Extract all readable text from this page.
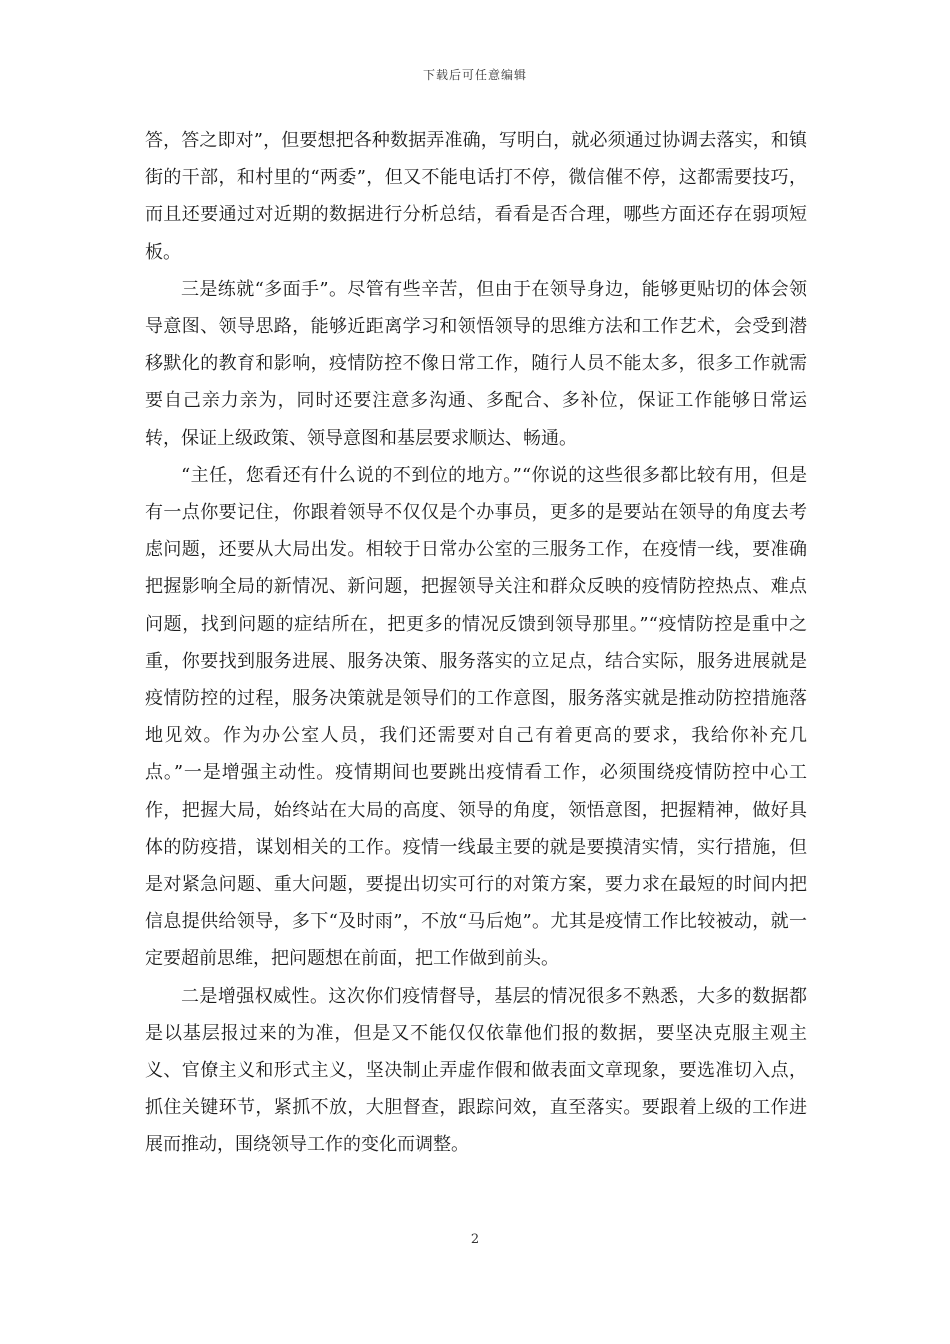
下载后可任意编辑

答，答之即对”，但要想把各种数据弄准确，写明白，就必须通过协调去落实，和镇街的干部，和村里的“两委”，但又不能电话打不停，微信催不停，这都需要技巧，而且还要通过对近期的数据进行分析总结，看看是否合理，哪些方面还存在弱项短板。

三是练就“多面手”。尽管有些辛苦，但由于在领导身边，能够更贴切的体会领导意图、领导思路，能够近距离学习和领悟领导的思维方法和工作艺术，会受到潜移默化的教育和影响，疫情防控不像日常工作，随行人员不能太多，很多工作就需要自己亲力亲为，同时还要注意多沟通、多配合、多补位，保证工作能够日常运转，保证上级政策、领导意图和基层要求顺达、畅通。

“主任，您看还有什么说的不到位的地方。”“你说的这些很多都比较有用，但是有一点你要记住，你跟着领导不仅仅是个办事员，更多的是要站在领导的角度去考虑问题，还要从大局出发。相较于日常办公室的三服务工作，在疫情一线，要准确把握影响全局的新情况、新问题，把握领导关注和群众反映的疫情防控热点、难点问题，找到问题的症结所在，把更多的情况反馈到领导那里。”“疫情防控是重中之重，你要找到服务进展、服务决策、服务落实的立足点，结合实际，服务进展就是疫情防控的过程，服务决策就是领导们的工作意图，服务落实就是推动防控措施落地见效。作为办公室人员，我们还需要对自己有着更高的要求，我给你补充几点。”一是增强主动性。疫情期间也要跳出疫情看工作，必须围绕疫情防控中心工作，把握大局，始终站在大局的高度、领导的角度，领悟意图，把握精神，做好具体的防疫措，谋划相关的工作。疫情一线最主要的就是要摸清实情，实行措施，但是对紧急问题、重大问题，要提出切实可行的对策方案，要力求在最短的时间内把信息提供给领导，多下“及时雨”，不放“马后炮”。尤其是疫情工作比较被动，就一定要超前思维，把问题想在前面，把工作做到前头。

二是增强权威性。这次你们疫情督导，基层的情况很多不熟悉，大多的数据都是以基层报过来的为准，但是又不能仅仅依靠他们报的数据，要坚决克服主观主义、官僚主义和形式主义，坚决制止弄虚作假和做表面文章现象，要选准切入点，抓住关键环节，紧抓不放，大胆督查，跟踪问效，直至落实。要跟着上级的工作进展而推动，围绕领导工作的变化而调整。

2
